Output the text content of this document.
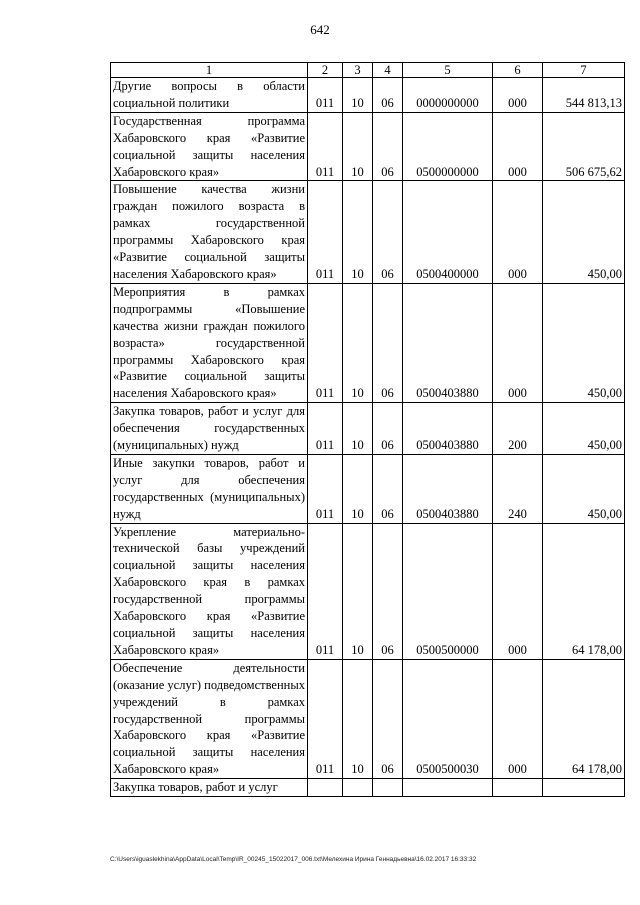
642
1	2	3	4	5	6	7
Другие вопросы в области социальной политики	011	10	06	0000000000	000	544 813,13
Государственная программа Хабаровского края «Развитие социальной защиты населения Хабаровского края»	011	10	06	0500000000	000	506 675,62
Повышение качества жизни граждан пожилого возраста в рамках государственной программы Хабаровского края «Развитие социальной защиты населения Хабаровского края»	011	10	06	0500400000	000	450,00
Мероприятия в рамках подпрограммы «Повышение качества жизни граждан пожилого возраста» государственной программы Хабаровского края «Развитие социальной защиты населения Хабаровского края»	011	10	06	0500403880	000	450,00
Закупка товаров, работ и услуг для обеспечения государственных (муниципальных) нужд	011	10	06	0500403880	200	450,00
Иные закупки товаров, работ и услуг для обеспечения государственных (муниципальных) нужд	011	10	06	0500403880	240	450,00
Укрепление материально-технической базы учреждений социальной защиты населения Хабаровского края в рамках государственной программы Хабаровского края «Развитие социальной защиты населения Хабаровского края»	011	10	06	0500500000	000	64 178,00
Обеспечение деятельности (оказание услуг) подведомственных учреждений в рамках государственной программы Хабаровского края «Развитие социальной защиты населения Хабаровского края»	011	10	06	0500500030	000	64 178,00
Закупка товаров, работ и услуг						
C:\Users\iguaslekhina\AppData\Local\Temp\IR_00245_15022017_006.txt\Мелехина Ирина Геннадьевна\16.02.2017 16:33:32
